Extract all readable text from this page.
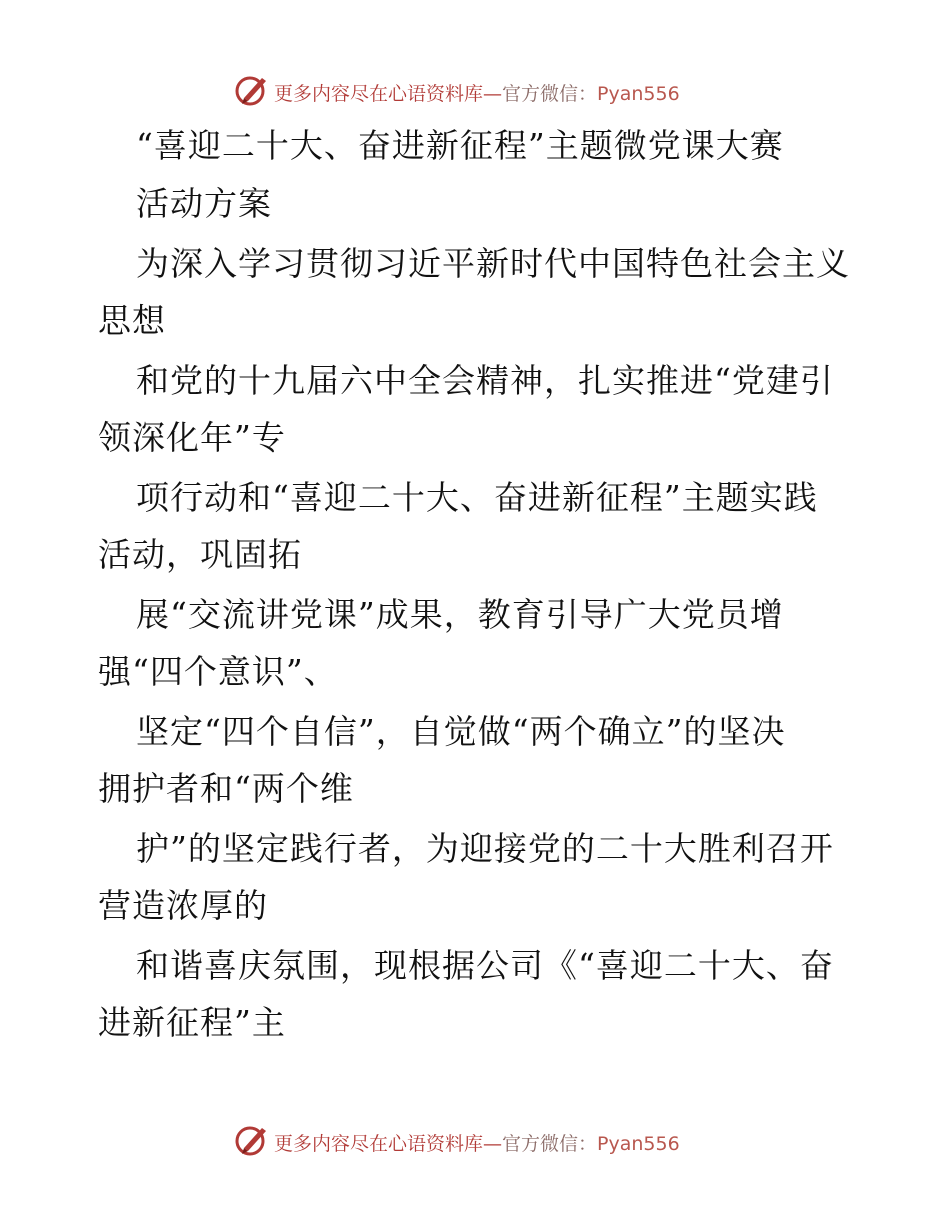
更多内容尽在心语资料库—官方微信：Pyan556

“喜迎二十大、奋进新征程”主题微党课大赛

活动方案

为深入学习贯彻习近平新时代中国特色社会主义

思想

和党的十九届六中全会精神，扎实推进“党建引

领深化年”专

项行动和“喜迎二十大、奋进新征程”主题实践

活动，巩固拓

展“交流讲党课”成果，教育引导广大党员增

强“四个意识”、

坚定“四个自信”，自觉做“两个确立”的坚决

拥护者和“两个维

护”的坚定践行者，为迎接党的二十大胜利召开

营造浓厚的

和谐喜庆氛围，现根据公司《“喜迎二十大、奋

进新征程”主

更多内容尽在心语资料库—官方微信：Pyan556
